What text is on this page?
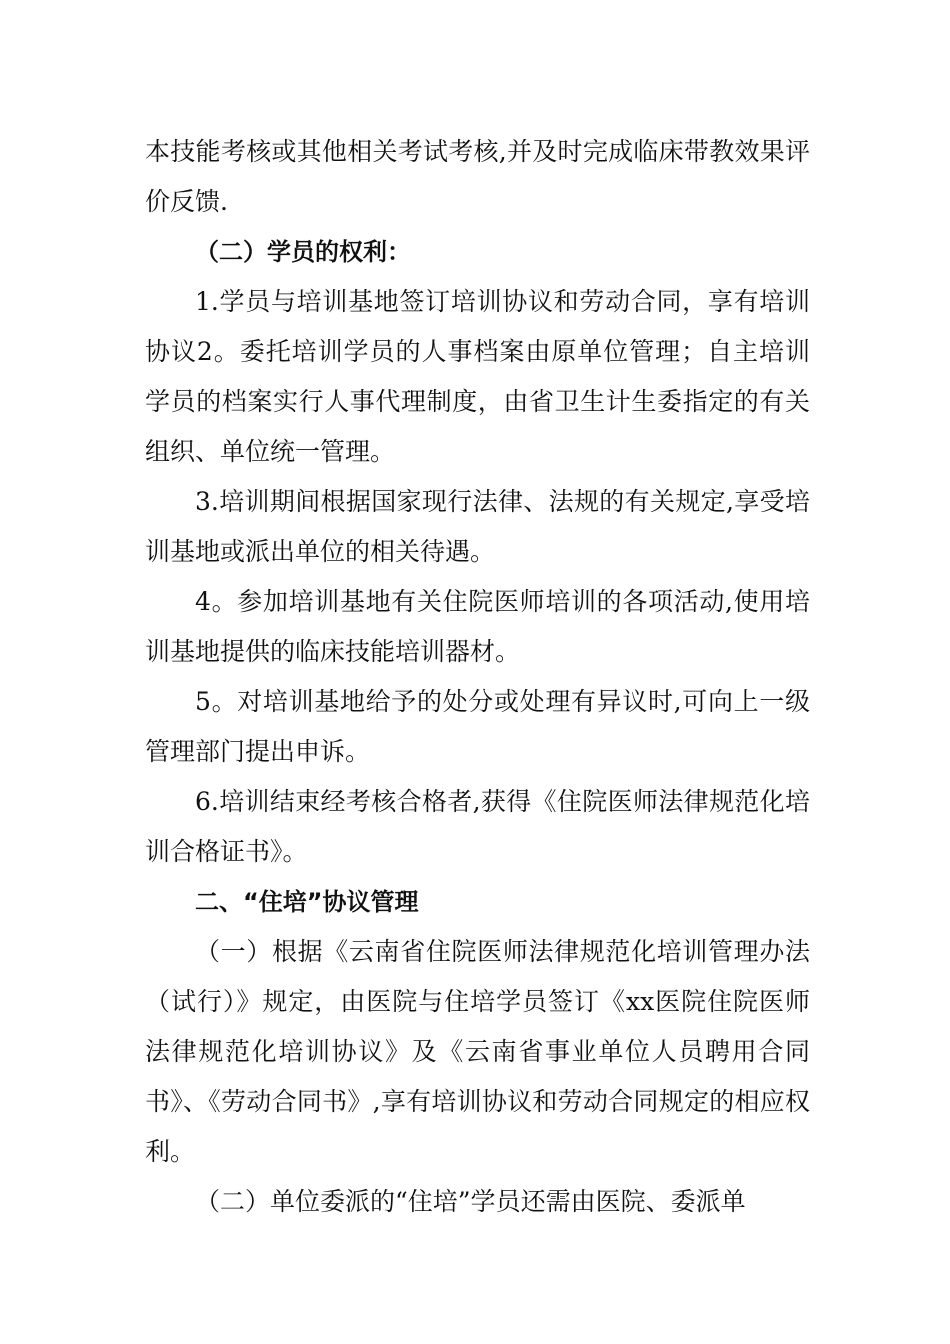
本技能考核或其他相关考试考核,并及时完成临床带教效果评价反馈.

（二）学员的权利：

1.学员与培训基地签订培训协议和劳动合同，享有培训协议2。委托培训学员的人事档案由原单位管理；自主培训学员的档案实行人事代理制度，由省卫生计生委指定的有关组织、单位统一管理。

3.培训期间根据国家现行法律、法规的有关规定,享受培训基地或派出单位的相关待遇。

4。参加培训基地有关住院医师培训的各项活动,使用培训基地提供的临床技能培训器材。

5。对培训基地给予的处分或处理有异议时,可向上一级管理部门提出申诉。

6.培训结束经考核合格者,获得《住院医师法律规范化培训合格证书》。

二、“住培”协议管理

（一）根据《云南省住院医师法律规范化培训管理办法（试行）》规定，由医院与住培学员签订《xx医院住院医师法律规范化培训协议》及《云南省事业单位人员聘用合同书》、《劳动合同书》,享有培训协议和劳动合同规定的相应权利。

（二）单位委派的“住培”学员还需由医院、委派单
